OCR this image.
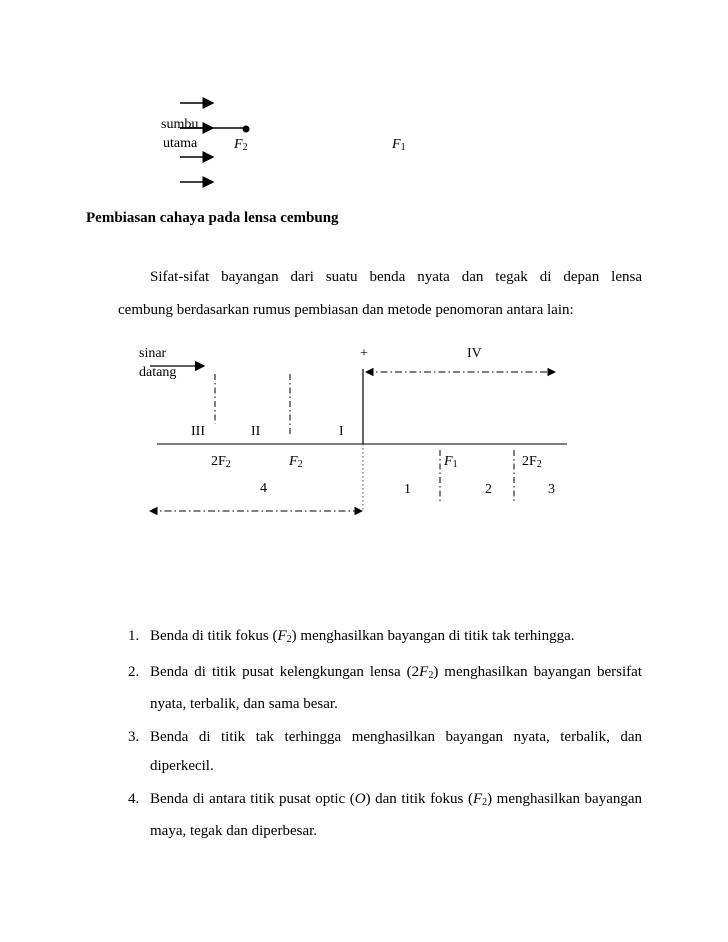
sumbu
utama	$F_2$	$F_1$
Pembiasan cahaya pada lensa cembung
Sifat-sifat bayangan dari suatu benda nyata dan tegak di depan lensa
cembung berdasarkan rumus pembiasan dan metode penomoran antara lain:
sinar
datang
+	IV
III	II	I
$2F_2$	$F_2$	$F_1$	$2F_2$
4	1	2	3
1. Benda di titik fokus $(F_2)$ menghasilkan bayangan di titik tak terhingga.
2. Benda di titik pusat kelengkungan lensa $(2F_2)$ menghasilkan bayangan bersifat nyata, terbalik, dan sama besar.
3. Benda di titik tak terhingga menghasilkan bayangan nyata, terbalik, dan diperkecil.
4. Benda di antara titik pusat optic (O) dan titik fokus $(F_2)$ menghasilkan bayangan maya, tegak dan diperbesar.
